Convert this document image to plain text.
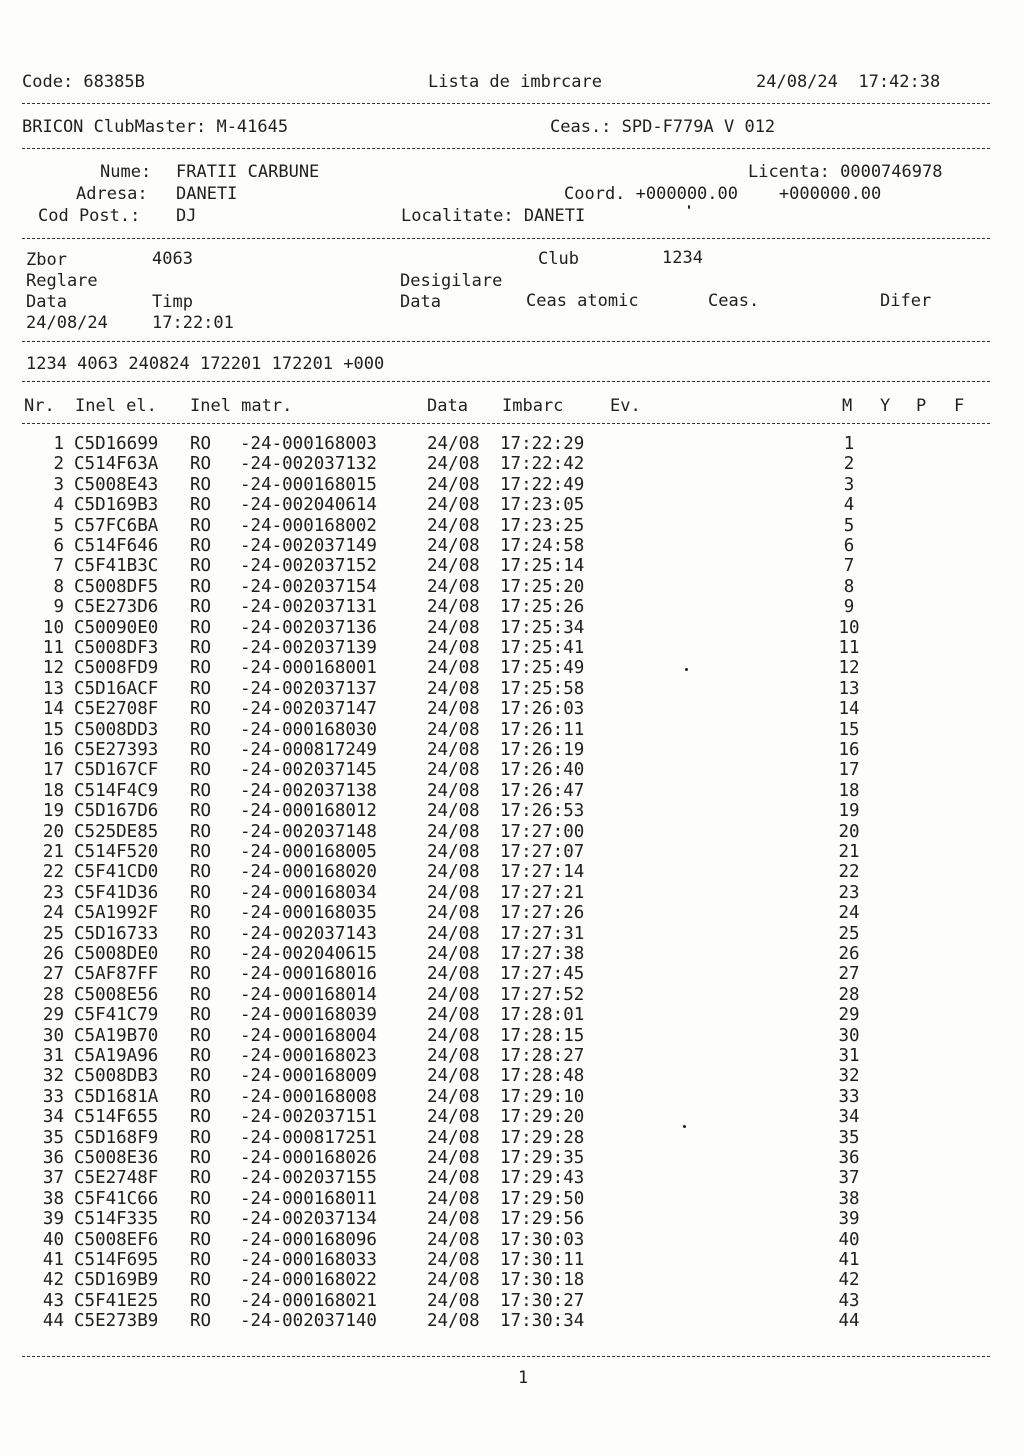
Code: 68385B	Lista de imbrcare	24/08/24  17:42:38
BRICON ClubMaster: M-41645	Ceas.: SPD-F779A V 012
Nume: FRATII CARBUNE	Licenta: 0000746978
Adresa: DANETI	Coord. +000000.00    +000000.00
Cod Post.: DJ	Localitate: DANETI
Zbor	4063	Club	1234
Reglare	Desigilare
Data	Timp	Data	Ceas atomic	Ceas.	Difer
24/08/24	17:22:01
1234 4063 240824 172201 172201 +000
Nr. Inel el. Inel matr.	Data Imbarc	Ev.	M Y P F
1 C5D16699 RO -24-000168003	24/08 17:22:29	1
2 C514F63A RO -24-002037132	24/08 17:22:42	2
3 C5008E43 RO -24-000168015	24/08 17:22:49	3
4 C5D169B3 RO -24-002040614	24/08 17:23:05	4
5 C57FC6BA RO -24-000168002	24/08 17:23:25	5
6 C514F646 RO -24-002037149	24/08 17:24:58	6
7 C5F41B3C RO -24-002037152	24/08 17:25:14	7
8 C5008DF5 RO -24-002037154	24/08 17:25:20	8
9 C5E273D6 RO -24-002037131	24/08 17:25:26	9
10 C50090E0 RO -24-002037136	24/08 17:25:34	10
11 C5008DF3 RO -24-002037139	24/08 17:25:41	11
12 C5008FD9 RO -24-000168001	24/08 17:25:49	12
13 C5D16ACF RO -24-002037137	24/08 17:25:58	13
14 C5E2708F RO -24-002037147	24/08 17:26:03	14
15 C5008DD3 RO -24-000168030	24/08 17:26:11	15
16 C5E27393 RO -24-000817249	24/08 17:26:19	16
17 C5D167CF RO -24-002037145	24/08 17:26:40	17
18 C514F4C9 RO -24-002037138	24/08 17:26:47	18
19 C5D167D6 RO -24-000168012	24/08 17:26:53	19
20 C525DE85 RO -24-002037148	24/08 17:27:00	20
21 C514F520 RO -24-000168005	24/08 17:27:07	21
22 C5F41CD0 RO -24-000168020	24/08 17:27:14	22
23 C5F41D36 RO -24-000168034	24/08 17:27:21	23
24 C5A1992F RO -24-000168035	24/08 17:27:26	24
25 C5D16733 RO -24-002037143	24/08 17:27:31	25
26 C5008DE0 RO -24-002040615	24/08 17:27:38	26
27 C5AF87FF RO -24-000168016	24/08 17:27:45	27
28 C5008E56 RO -24-000168014	24/08 17:27:52	28
29 C5F41C79 RO -24-000168039	24/08 17:28:01	29
30 C5A19B70 RO -24-000168004	24/08 17:28:15	30
31 C5A19A96 RO -24-000168023	24/08 17:28:27	31
32 C5008DB3 RO -24-000168009	24/08 17:28:48	32
33 C5D1681A RO -24-000168008	24/08 17:29:10	33
34 C514F655 RO -24-002037151	24/08 17:29:20	34
35 C5D168F9 RO -24-000817251	24/08 17:29:28	35
36 C5008E36 RO -24-000168026	24/08 17:29:35	36
37 C5E2748F RO -24-002037155	24/08 17:29:43	37
38 C5F41C66 RO -24-000168011	24/08 17:29:50	38
39 C514F335 RO -24-002037134	24/08 17:29:56	39
40 C5008EF6 RO -24-000168096	24/08 17:30:03	40
41 C514F695 RO -24-000168033	24/08 17:30:11	41
42 C5D169B9 RO -24-000168022	24/08 17:30:18	42
43 C5F41E25 RO -24-000168021	24/08 17:30:27	43
44 C5E273B9 RO -24-002037140	24/08 17:30:34	44
1
